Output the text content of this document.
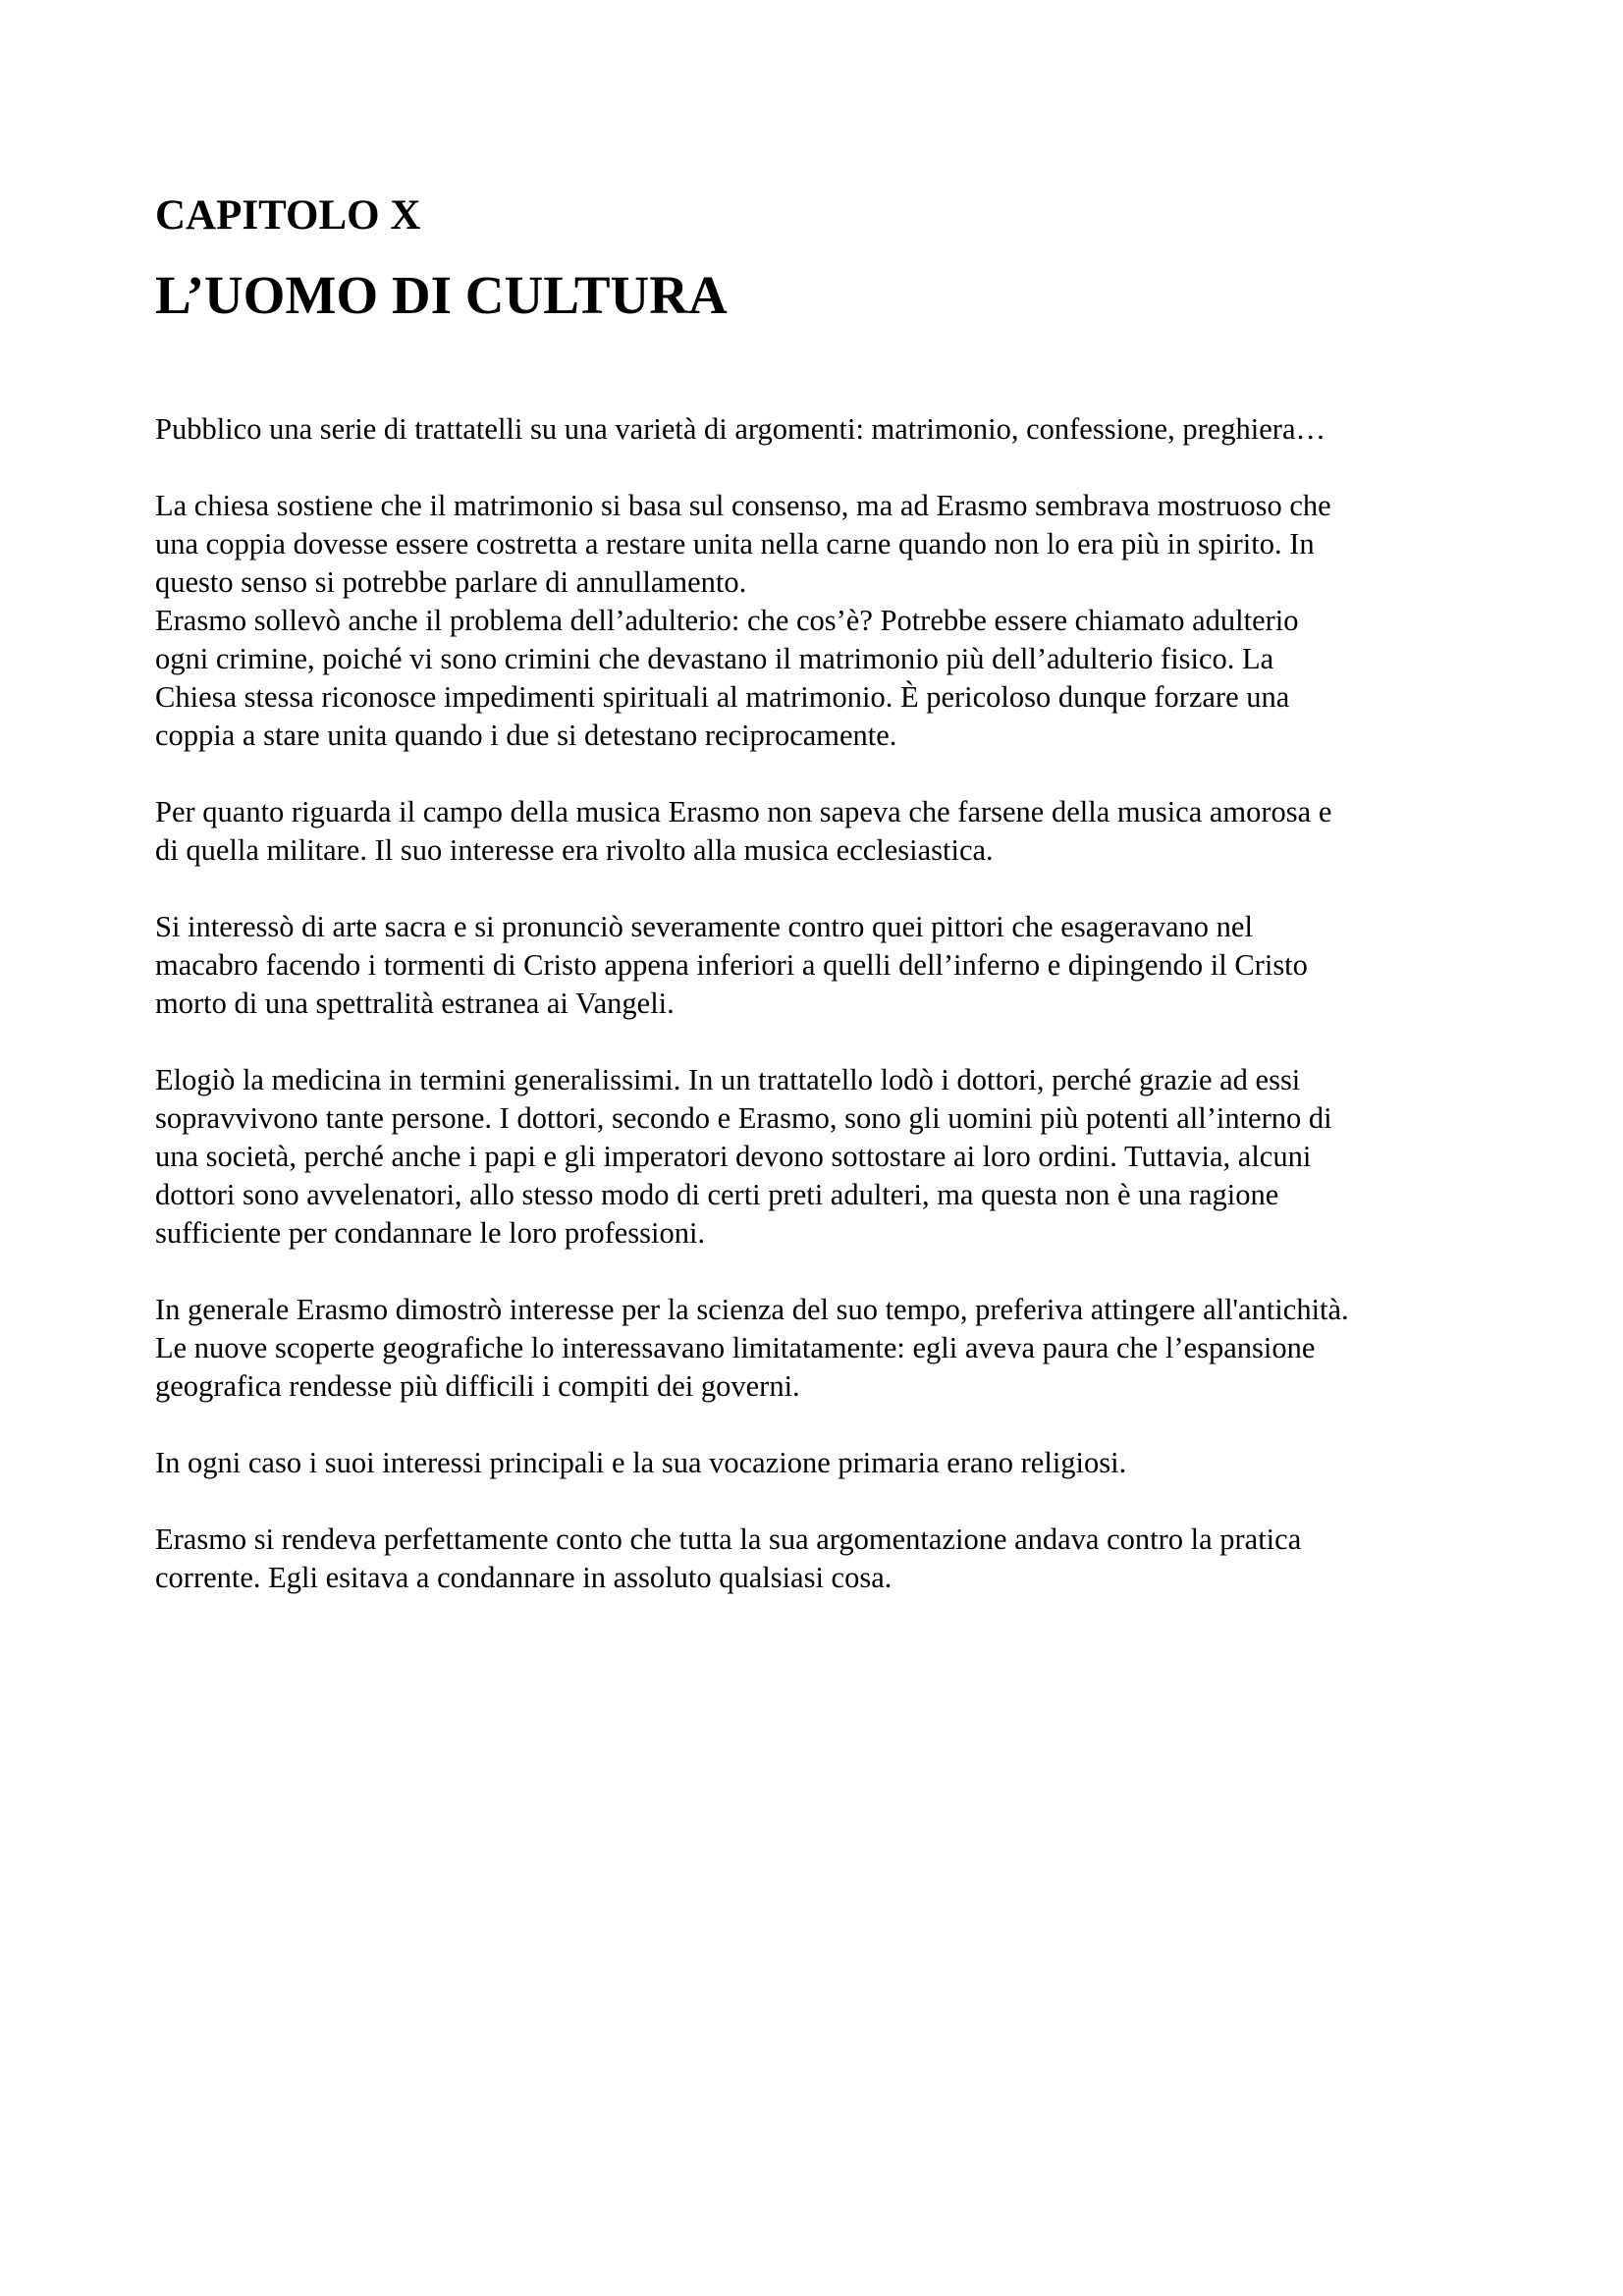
CAPITOLO X
L’UOMO DI CULTURA

Pubblico una serie di trattatelli su una varietà di argomenti: matrimonio, confessione, preghiera…

La chiesa sostiene che il matrimonio si basa sul consenso, ma ad Erasmo sembrava mostruoso che
una coppia dovesse essere costretta a restare unita nella carne quando non lo era più in spirito. In
questo senso si potrebbe parlare di annullamento.

Erasmo sollevò anche il problema dell’adulterio: che cos’è? Potrebbe essere chiamato adulterio
ogni crimine, poiché vi sono crimini che devastano il matrimonio più dell’adulterio fisico. La
Chiesa stessa riconosce impedimenti spirituali al matrimonio. È pericoloso dunque forzare una
coppia a stare unita quando i due si detestano reciprocamente.

Per quanto riguarda il campo della musica Erasmo non sapeva che farsene della musica amorosa e
di quella militare. Il suo interesse era rivolto alla musica ecclesiastica.

Si interessò di arte sacra e si pronunciò severamente contro quei pittori che esageravano nel
macabro facendo i tormenti di Cristo appena inferiori a quelli dell’inferno e dipingendo il Cristo
morto di una spettralità estranea ai Vangeli.

Elogiò la medicina in termini generalissimi. In un trattatello lodò i dottori, perché grazie ad essi
sopravvivono tante persone. I dottori, secondo e Erasmo, sono gli uomini più potenti all’interno di
una società, perché anche i papi e gli imperatori devono sottostare ai loro ordini. Tuttavia, alcuni
dottori sono avvelenatori, allo stesso modo di certi preti adulteri, ma questa non è una ragione
sufficiente per condannare le loro professioni.

In generale Erasmo dimostrò interesse per la scienza del suo tempo, preferiva attingere all'antichità.
Le nuove scoperte geografiche lo interessavano limitatamente: egli aveva paura che l’espansione
geografica rendesse più difficili i compiti dei governi.

In ogni caso i suoi interessi principali e la sua vocazione primaria erano religiosi.

Erasmo si rendeva perfettamente conto che tutta la sua argomentazione andava contro la pratica
corrente. Egli esitava a condannare in assoluto qualsiasi cosa.
